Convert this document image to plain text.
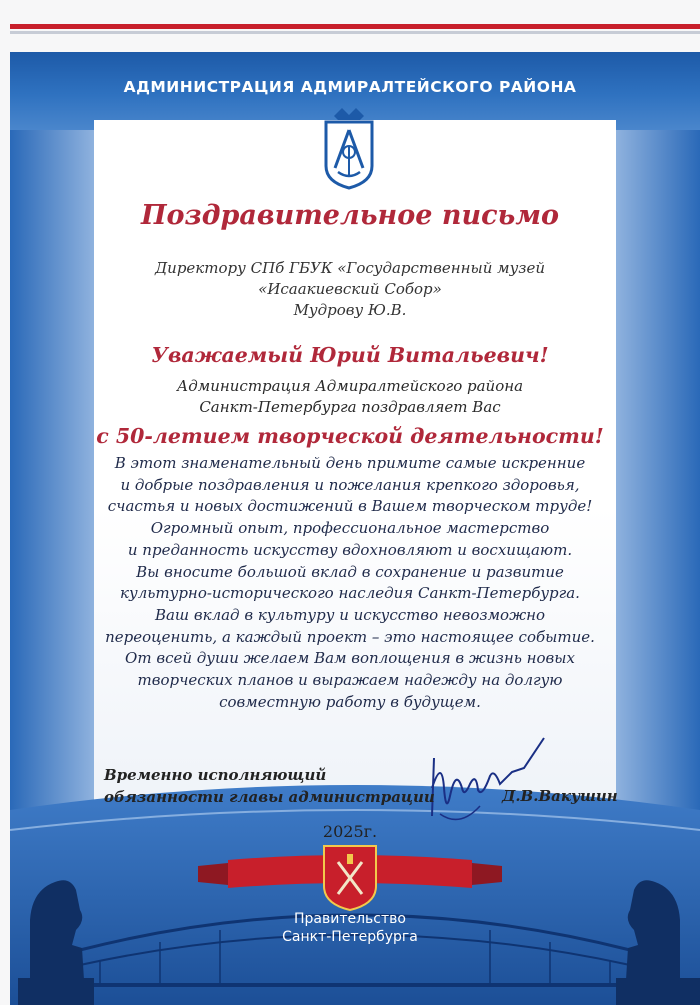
АДМИНИСТРАЦИЯ АДМИРАЛТЕЙСКОГО РАЙОНА
Поздравительное письмо
Директору СПб ГБУК «Государственный музей
«Исаакиевский Собор»
Мудрову Ю.В.
Уважаемый Юрий Витальевич!
Администрация Адмиралтейского района
Санкт-Петербурга поздравляет Вас
с 50-летием творческой деятельности!
В этот знаменательный день примите самые искренние
и добрые поздравления и пожелания крепкого здоровья,
счастья и новых достижений в Вашем творческом труде!
Огромный опыт, профессиональное мастерство
и преданность искусству вдохновляют и восхищают.
Вы вносите большой вклад в сохранение и развитие
культурно-исторического наследия Санкт-Петербурга.
Ваш вклад в культуру и искусство невозможно
переоценить, а каждый проект – это настоящее событие.
От всей души желаем Вам воплощения в жизнь новых
творческих планов и выражаем надежду на долгую
совместную работу в будущем.
Временно исполняющий
обязанности главы администрации	Д.В.Вакушин
2025г.
Правительство
Санкт-Петербурга
